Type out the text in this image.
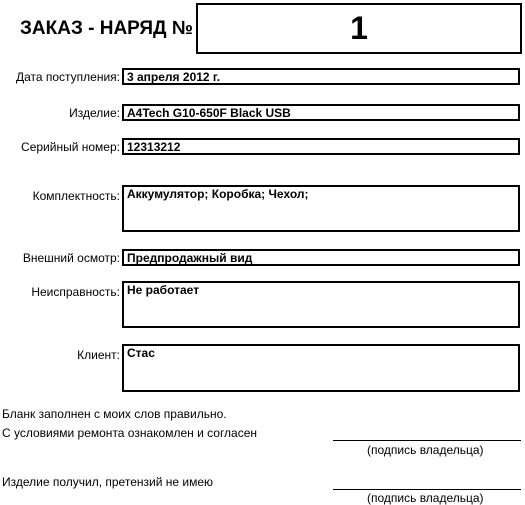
ЗАКАЗ - НАРЯД №	1
Дата поступления: 3 апреля 2012 г.
Изделие: A4Tech G10-650F Black USB
Серийный номер: 12313212
Комплектность: Аккумулятор; Коробка; Чехол;
Внешний осмотр: Предпродажный вид
Неисправность: Не работает
Клиент: Стас
Бланк заполнен с моих слов правильно.
С условиями ремонта ознакомлен и согласен
(подпись владельца)
Изделие получил, претензий не имею
(подпись владельца)
